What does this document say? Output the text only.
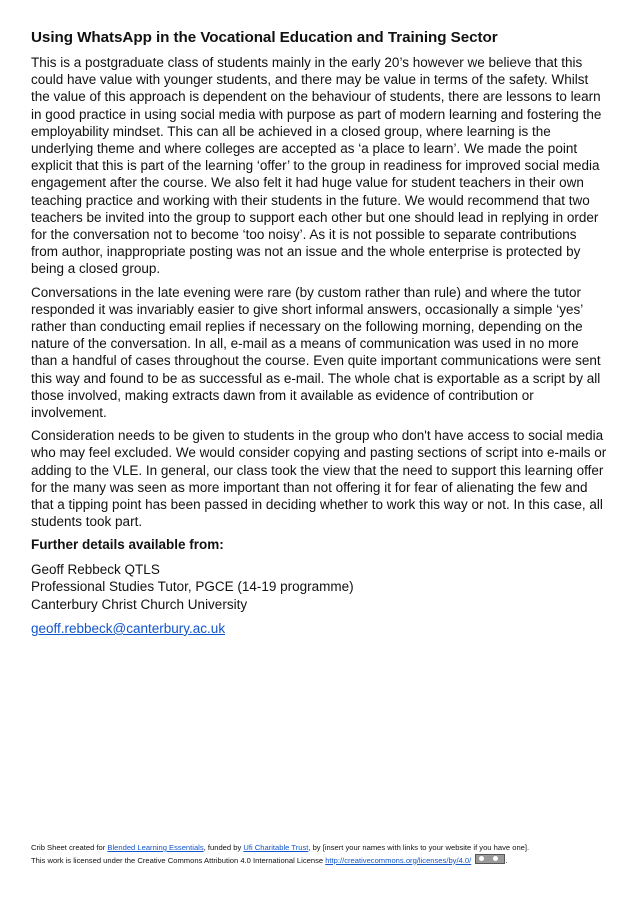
Using WhatsApp in the Vocational Education and Training Sector

This is a postgraduate class of students mainly in the early 20’s however we believe that this could have value with younger students, and there may be value in terms of the safety. Whilst the value of this approach is dependent on the behaviour of students, there are lessons to learn in good practice in using social media with purpose as part of modern learning and fostering the employability mindset. This can all be achieved in a closed group, where learning is the underlying theme and where colleges are accepted as ‘a place to learn’. We made the point explicit that this is part of the learning ‘offer’ to the group in readiness for improved social media engagement after the course. We also felt it had huge value for student teachers in their own teaching practice and working with their students in the future. We would recommend that two teachers be invited into the group to support each other but one should lead in replying in order for the conversation not to become ‘too noisy’. As it is not possible to separate contributions from author, inappropriate posting was not an issue and the whole enterprise is protected by being a closed group.

Conversations in the late evening were rare (by custom rather than rule) and where the tutor responded it was invariably easier to give short informal answers, occasionally a simple ‘yes’ rather than conducting email replies if necessary on the following morning, depending on the nature of the conversation. In all, e-mail as a means of communication was used in no more than a handful of cases throughout the course. Even quite important communications were sent this way and found to be as successful as e-mail. The whole chat is exportable as a script by all those involved, making extracts dawn from it available as evidence of contribution or involvement.

Consideration needs to be given to students in the group who don't have access to social media who may feel excluded. We would consider copying and pasting sections of script into e-mails or adding to the VLE. In general, our class took the view that the need to support this learning offer for the many was seen as more important than not offering it for fear of alienating the few and that a tipping point has been passed in deciding whether to work this way or not. In this case, all students took part.

Further details available from:
Geoff Rebbeck QTLS
Professional Studies Tutor, PGCE (14-19 programme)
Canterbury Christ Church University
geoff.rebbeck@canterbury.ac.uk
Crib Sheet created for Blended Learning Essentials, funded by Ufi Charitable Trust, by [insert your names with links to your website if you have one].
This work is licensed under the Creative Commons Attribution 4.0 International License http://creativecommons.org/licenses/by/4.0/	.
